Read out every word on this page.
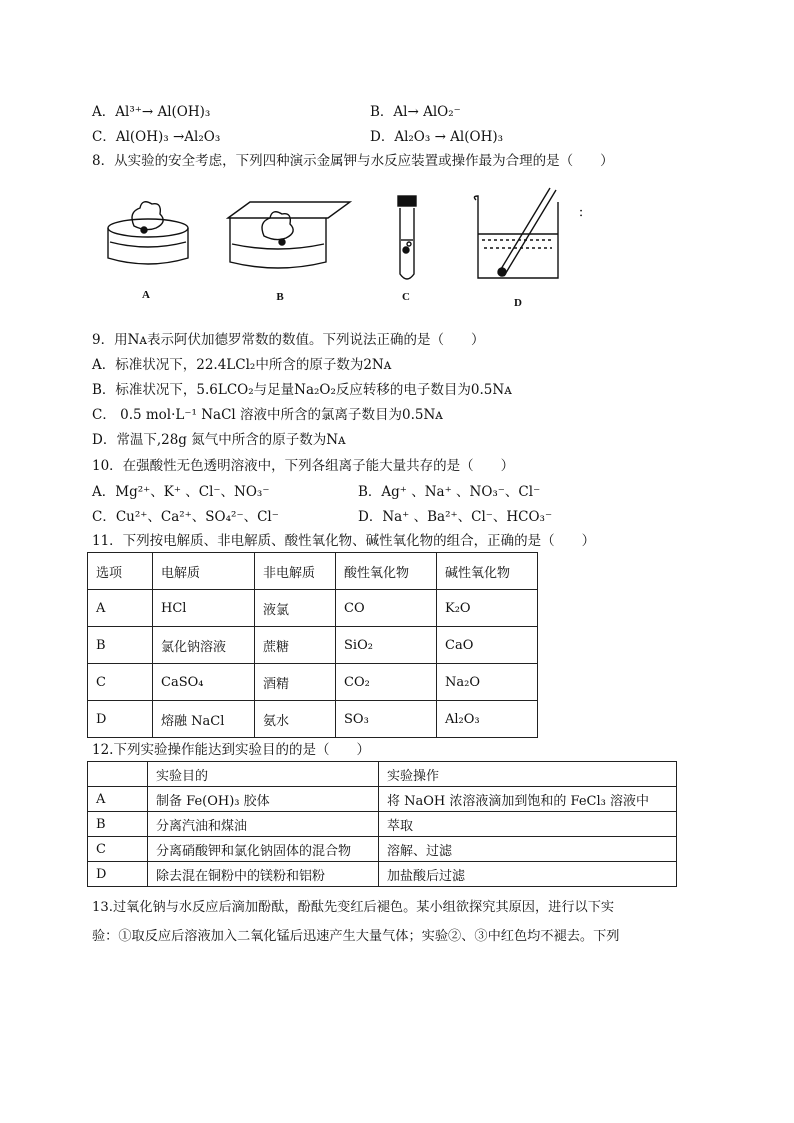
A．Al³⁺→ Al(OH)₃	B．Al→ AlO₂⁻
C．Al(OH)₃ →Al₂O₃	D．Al₂O₃ → Al(OH)₃
8．从实验的安全考虑，下列四种演示金属钾与水反应装置或操作最为合理的是（　　）
A	B	C	D
：
9．用Nᴀ表示阿伏加德罗常数的数值。下列说法正确的是（　　）
A．标准状况下，22.4LCl₂中所含的原子数为2Nᴀ
B．标准状况下，5.6LCO₂与足量Na₂O₂反应转移的电子数目为0.5Nᴀ
C． 0.5 mol·L⁻¹ NaCl 溶液中所含的氯离子数目为0.5Nᴀ
D．常温下,28g 氮气中所含的原子数为Nᴀ
10．在强酸性无色透明溶液中，下列各组离子能大量共存的是（　　）
A．Mg²⁺、K⁺ 、Cl⁻、NO₃⁻	B．Ag⁺ 、Na⁺ 、NO₃⁻、Cl⁻
C．Cu²⁺、Ca²⁺、SO₄²⁻、Cl⁻	D．Na⁺ 、Ba²⁺、Cl⁻、HCO₃⁻
11．下列按电解质、非电解质、酸性氧化物、碱性氧化物的组合，正确的是（　　）
选项	电解质	非电解质	酸性氧化物	碱性氧化物
A	HCl	液氯	CO	K₂O
B	氯化钠溶液	蔗糖	SiO₂	CaO
C	CaSO₄	酒精	CO₂	Na₂O
D	熔融 NaCl	氨水	SO₃	Al₂O₃
12.下列实验操作能达到实验目的的是（　　）
	实验目的	实验操作
A	制备 Fe(OH)₃ 胶体	将 NaOH 浓溶液滴加到饱和的 FeCl₃ 溶液中
B	分离汽油和煤油	萃取
C	分离硝酸钾和氯化钠固体的混合物	溶解、过滤
D	除去混在铜粉中的镁粉和铝粉	加盐酸后过滤
13.过氧化钠与水反应后滴加酚酞，酚酞先变红后褪色。某小组欲探究其原因，进行以下实
验：①取反应后溶液加入二氧化锰后迅速产生大量气体；实验②、③中红色均不褪去。下列
